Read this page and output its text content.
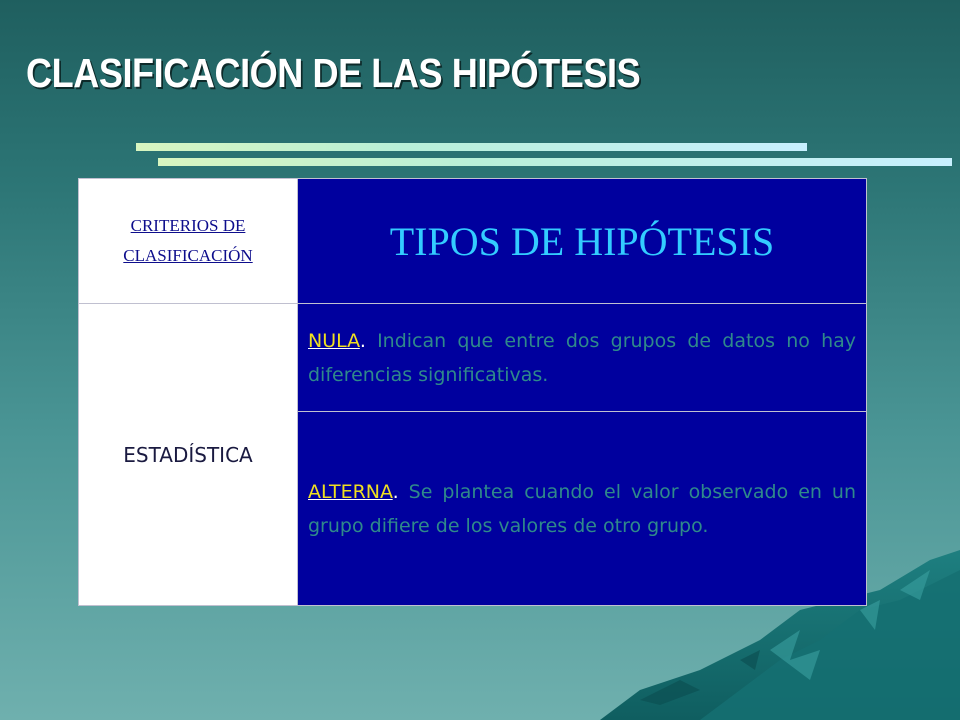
CLASIFICACIÓN DE LAS HIPÓTESIS
CRITERIOS DE
CLASIFICACIÓN	TIPOS DE HIPÓTESIS
ESTADÍSTICA	NULA. Indican que entre dos grupos de datos no hay diferencias significativas.
	ALTERNA. Se plantea cuando el valor observado en un grupo difiere de los valores de otro grupo.
